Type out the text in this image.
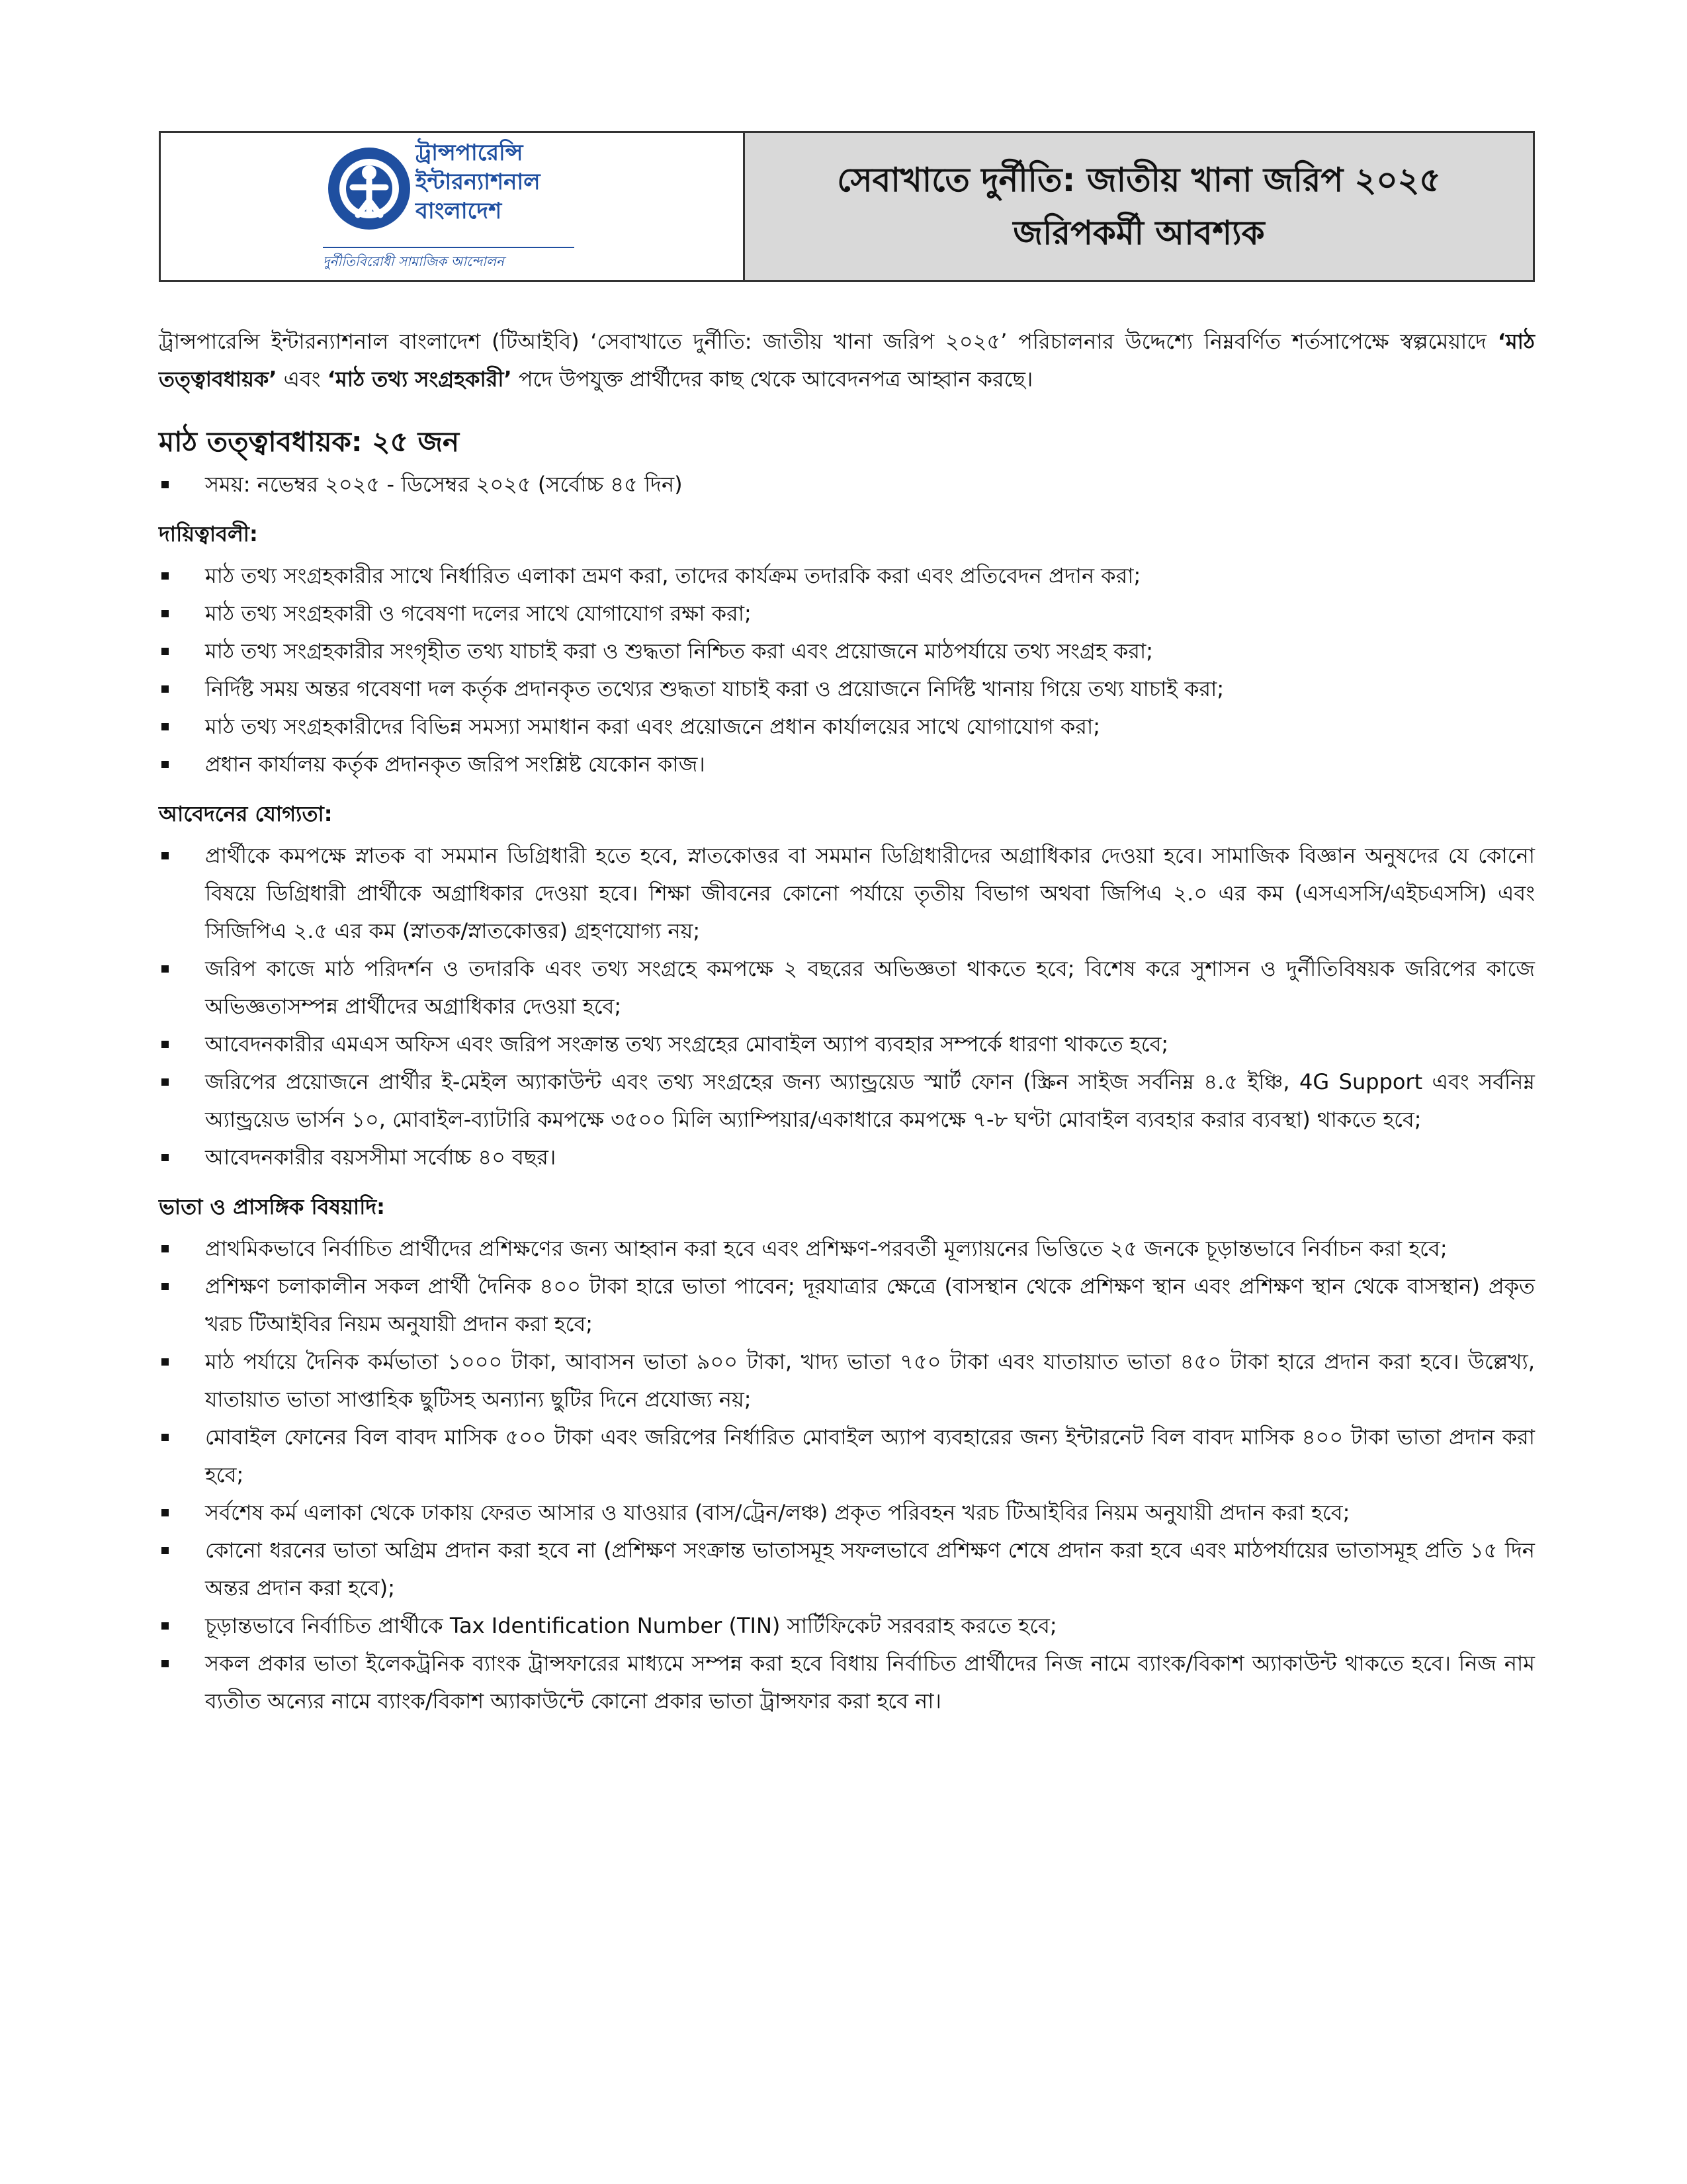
ট্রান্সপারেন্সি
ইন্টারন্যাশনাল
বাংলাদেশ
দুর্নীতিবিরোধী সামাজিক আন্দোলন
সেবাখাতে দুর্নীতি: জাতীয় খানা জরিপ ২০২৫
জরিপকর্মী আবশ্যক

ট্রান্সপারেন্সি ইন্টারন্যাশনাল বাংলাদেশ (টিআইবি) ‘সেবাখাতে দুর্নীতি: জাতীয় খানা জরিপ ২০২৫’ পরিচালনার উদ্দেশ্যে নিম্নবর্ণিত শর্তসাপেক্ষে স্বল্পমেয়াদে ‘মাঠ তত্ত্বাবধায়ক’ এবং ‘মাঠ তথ্য সংগ্রহকারী’ পদে উপযুক্ত প্রার্থীদের কাছ থেকে আবেদনপত্র আহ্বান করছে।

মাঠ তত্ত্বাবধায়ক: ২৫ জন
সময়: নভেম্বর ২০২৫ - ডিসেম্বর ২০২৫ (সর্বোচ্চ ৪৫ দিন)
দায়িত্বাবলী:
মাঠ তথ্য সংগ্রহকারীর সাথে নির্ধারিত এলাকা ভ্রমণ করা, তাদের কার্যক্রম তদারকি করা এবং প্রতিবেদন প্রদান করা;
মাঠ তথ্য সংগ্রহকারী ও গবেষণা দলের সাথে যোগাযোগ রক্ষা করা;
মাঠ তথ্য সংগ্রহকারীর সংগৃহীত তথ্য যাচাই করা ও শুদ্ধতা নিশ্চিত করা এবং প্রয়োজনে মাঠপর্যায়ে তথ্য সংগ্রহ করা;
নির্দিষ্ট সময় অন্তর গবেষণা দল কর্তৃক প্রদানকৃত তথ্যের শুদ্ধতা যাচাই করা ও প্রয়োজনে নির্দিষ্ট খানায় গিয়ে তথ্য যাচাই করা;
মাঠ তথ্য সংগ্রহকারীদের বিভিন্ন সমস্যা সমাধান করা এবং প্রয়োজনে প্রধান কার্যালয়ের সাথে যোগাযোগ করা;
প্রধান কার্যালয় কর্তৃক প্রদানকৃত জরিপ সংশ্লিষ্ট যেকোন কাজ।
আবেদনের যোগ্যতা:
প্রার্থীকে কমপক্ষে স্নাতক বা সমমান ডিগ্রিধারী হতে হবে, স্নাতকোত্তর বা সমমান ডিগ্রিধারীদের অগ্রাধিকার দেওয়া হবে। সামাজিক বিজ্ঞান অনুষদের যে কোনো বিষয়ে ডিগ্রিধারী প্রার্থীকে অগ্রাধিকার দেওয়া হবে। শিক্ষা জীবনের কোনো পর্যায়ে তৃতীয় বিভাগ অথবা জিপিএ ২.০ এর কম (এসএসসি/এইচএসসি) এবং সিজিপিএ ২.৫ এর কম (স্নাতক/স্নাতকোত্তর) গ্রহণযোগ্য নয়;
জরিপ কাজে মাঠ পরিদর্শন ও তদারকি এবং তথ্য সংগ্রহে কমপক্ষে ২ বছরের অভিজ্ঞতা থাকতে হবে; বিশেষ করে সুশাসন ও দুর্নীতিবিষয়ক জরিপের কাজে অভিজ্ঞতাসম্পন্ন প্রার্থীদের অগ্রাধিকার দেওয়া হবে;
আবেদনকারীর এমএস অফিস এবং জরিপ সংক্রান্ত তথ্য সংগ্রহের মোবাইল অ্যাপ ব্যবহার সম্পর্কে ধারণা থাকতে হবে;
জরিপের প্রয়োজনে প্রার্থীর ই-মেইল অ্যাকাউন্ট এবং তথ্য সংগ্রহের জন্য অ্যান্ড্রয়েড স্মার্ট ফোন (স্ক্রিন সাইজ সর্বনিম্ন ৪.৫ ইঞ্চি, 4G Support এবং সর্বনিম্ন অ্যান্ড্রয়েড ভার্সন ১০, মোবাইল-ব্যাটারি কমপক্ষে ৩৫০০ মিলি অ্যাম্পিয়ার/একাধারে কমপক্ষে ৭-৮ ঘণ্টা মোবাইল ব্যবহার করার ব্যবস্থা) থাকতে হবে;
আবেদনকারীর বয়সসীমা সর্বোচ্চ ৪০ বছর।
ভাতা ও প্রাসঙ্গিক বিষয়াদি:
প্রাথমিকভাবে নির্বাচিত প্রার্থীদের প্রশিক্ষণের জন্য আহ্বান করা হবে এবং প্রশিক্ষণ-পরবর্তী মূল্যায়নের ভিত্তিতে ২৫ জনকে চূড়ান্তভাবে নির্বাচন করা হবে;
প্রশিক্ষণ চলাকালীন সকল প্রার্থী দৈনিক ৪০০ টাকা হারে ভাতা পাবেন; দূরযাত্রার ক্ষেত্রে (বাসস্থান থেকে প্রশিক্ষণ স্থান এবং প্রশিক্ষণ স্থান থেকে বাসস্থান) প্রকৃত খরচ টিআইবির নিয়ম অনুযায়ী প্রদান করা হবে;
মাঠ পর্যায়ে দৈনিক কর্মভাতা ১০০০ টাকা, আবাসন ভাতা ৯০০ টাকা, খাদ্য ভাতা ৭৫০ টাকা এবং যাতায়াত ভাতা ৪৫০ টাকা হারে প্রদান করা হবে। উল্লেখ্য, যাতায়াত ভাতা সাপ্তাহিক ছুটিসহ অন্যান্য ছুটির দিনে প্রযোজ্য নয়;
মোবাইল ফোনের বিল বাবদ মাসিক ৫০০ টাকা এবং জরিপের নির্ধারিত মোবাইল অ্যাপ ব্যবহারের জন্য ইন্টারনেট বিল বাবদ মাসিক ৪০০ টাকা ভাতা প্রদান করা হবে;
সর্বশেষ কর্ম এলাকা থেকে ঢাকায় ফেরত আসার ও যাওয়ার (বাস/ট্রেন/লঞ্চ) প্রকৃত পরিবহন খরচ টিআইবির নিয়ম অনুযায়ী প্রদান করা হবে;
কোনো ধরনের ভাতা অগ্রিম প্রদান করা হবে না (প্রশিক্ষণ সংক্রান্ত ভাতাসমূহ সফলভাবে প্রশিক্ষণ শেষে প্রদান করা হবে এবং মাঠপর্যায়ের ভাতাসমূহ প্রতি ১৫ দিন অন্তর প্রদান করা হবে);
চূড়ান্তভাবে নির্বাচিত প্রার্থীকে Tax Identification Number (TIN) সার্টিফিকেট সরবরাহ করতে হবে;
সকল প্রকার ভাতা ইলেকট্রনিক ব্যাংক ট্রান্সফারের মাধ্যমে সম্পন্ন করা হবে বিধায় নির্বাচিত প্রার্থীদের নিজ নামে ব্যাংক/বিকাশ অ্যাকাউন্ট থাকতে হবে। নিজ নাম ব্যতীত অন্যের নামে ব্যাংক/বিকাশ অ্যাকাউন্টে কোনো প্রকার ভাতা ট্রান্সফার করা হবে না।
